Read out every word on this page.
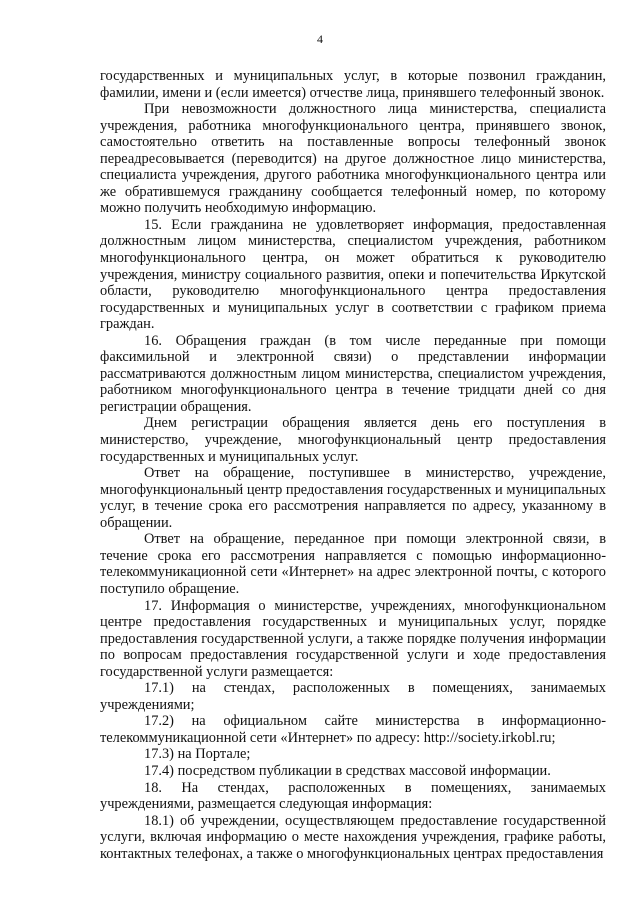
4

государственных и муниципальных услуг, в которые позвонил гражданин, фамилии, имени и (если имеется) отчестве лица, принявшего телефонный звонок.

При невозможности должностного лица министерства, специалиста учреждения, работника многофункционального центра, принявшего звонок, самостоятельно ответить на поставленные вопросы телефонный звонок переадресовывается (переводится) на другое должностное лицо министерства, специалиста учреждения, другого работника многофункционального центра или же обратившемуся гражданину сообщается телефонный номер, по которому можно получить необходимую информацию.

15. Если гражданина не удовлетворяет информация, предоставленная должностным лицом министерства, специалистом учреждения, работником многофункционального центра, он может обратиться к руководителю учреждения, министру социального развития, опеки и попечительства Иркутской области, руководителю многофункционального центра предоставления государственных и муниципальных услуг в соответствии с графиком приема граждан.

16. Обращения граждан (в том числе переданные при помощи факсимильной и электронной связи) о представлении информации рассматриваются должностным лицом министерства, специалистом учреждения, работником многофункционального центра в течение тридцати дней со дня регистрации обращения.

Днем регистрации обращения является день его поступления в министерство, учреждение, многофункциональный центр предоставления государственных и муниципальных услуг.

Ответ на обращение, поступившее в министерство, учреждение, многофункциональный центр предоставления государственных и муниципальных услуг, в течение срока его рассмотрения направляется по адресу, указанному в обращении.

Ответ на обращение, переданное при помощи электронной связи, в течение срока его рассмотрения направляется с помощью информационно-телекоммуникационной сети «Интернет» на адрес электронной почты, с которого поступило обращение.

17. Информация о министерстве, учреждениях, многофункциональном центре предоставления государственных и муниципальных услуг, порядке предоставления государственной услуги, а также порядке получения информации по вопросам предоставления государственной услуги и ходе предоставления государственной услуги размещается:

17.1) на стендах, расположенных в помещениях, занимаемых учреждениями;

17.2) на официальном сайте министерства в информационно-телекоммуникационной сети «Интернет» по адресу: http://society.irkobl.ru;

17.3) на Портале;

17.4) посредством публикации в средствах массовой информации.

18. На стендах, расположенных в помещениях, занимаемых учреждениями, размещается следующая информация:

18.1) об учреждении, осуществляющем предоставление государственной услуги, включая информацию о месте нахождения учреждения, графике работы, контактных телефонах, а также о многофункциональных центрах предоставления
